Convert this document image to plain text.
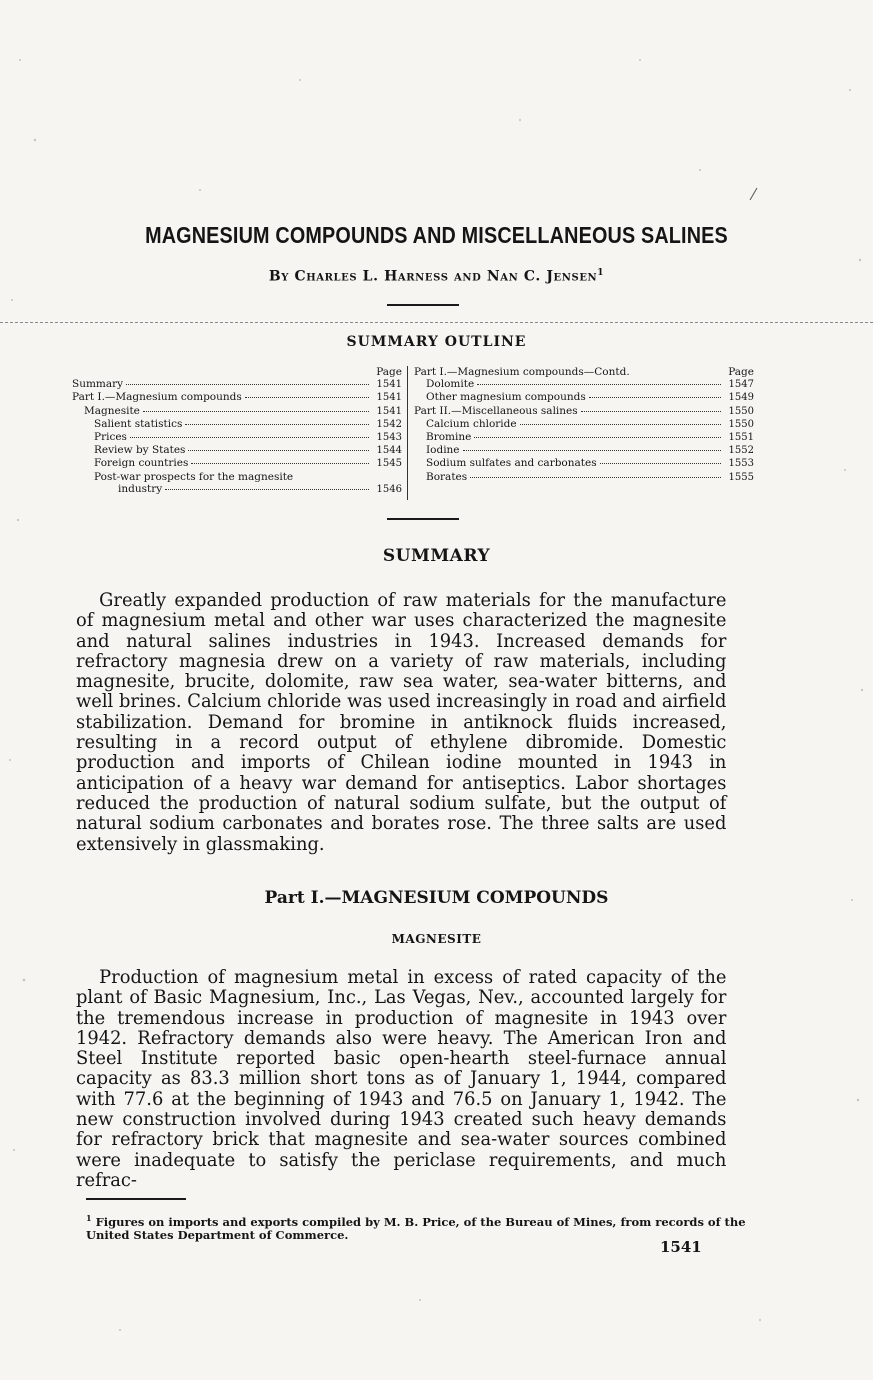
MAGNESIUM COMPOUNDS AND MISCELLANEOUS SALINES
By Charles L. Harness and Nan C. Jensen$^1$
SUMMARY OUTLINE
Page
Summary	1541
Part I.—Magnesium compounds	1541
Magnesite	1541
Salient statistics	1542
Prices	1543
Review by States	1544
Foreign countries	1545
Post-war prospects for the magnesite
industry	1546
Part I.—Magnesium compounds—Contd.	Page
Dolomite	1547
Other magnesium compounds	1549
Part II.—Miscellaneous salines	1550
Calcium chloride	1550
Bromine	1551
Iodine	1552
Sodium sulfates and carbonates	1553
Borates	1555
SUMMARY

Greatly expanded production of raw materials for the manufacture of magnesium metal and other war uses characterized the magnesite and natural salines industries in 1943. Increased demands for refractory magnesia drew on a variety of raw materials, including magnesite, brucite, dolomite, raw sea water, sea-water bitterns, and well brines. Calcium chloride was used increasingly in road and airfield stabilization. Demand for bromine in antiknock fluids increased, resulting in a record output of ethylene dibromide. Domestic production and imports of Chilean iodine mounted in 1943 in anticipation of a heavy war demand for antiseptics. Labor shortages reduced the production of natural sodium sulfate, but the output of natural sodium carbonates and borates rose. The three salts are used extensively in glassmaking.

Part I.—MAGNESIUM COMPOUNDS
MAGNESITE

Production of magnesium metal in excess of rated capacity of the plant of Basic Magnesium, Inc., Las Vegas, Nev., accounted largely for the tremendous increase in production of magnesite in 1943 over 1942. Refractory demands also were heavy. The American Iron and Steel Institute reported basic open-hearth steel-furnace annual capacity as 83.3 million short tons as of January 1, 1944, compared with 77.6 at the beginning of 1943 and 76.5 on January 1, 1942. The new construction involved during 1943 created such heavy demands for refractory brick that magnesite and sea-water sources combined were inadequate to satisfy the periclase requirements, and much refrac-

$^1$ Figures on imports and exports compiled by M. B. Price, of the Bureau of Mines, from records of the United States Department of Commerce.
1541
